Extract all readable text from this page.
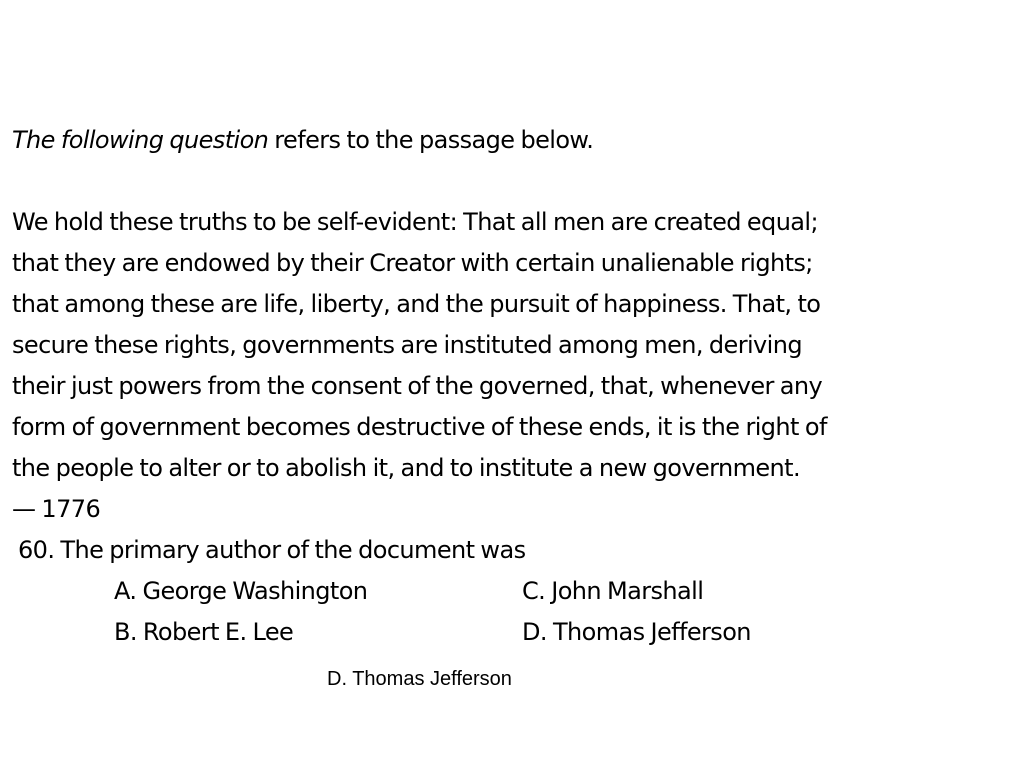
The following question refers to the passage below.
We hold these truths to be self-evident: That all men are created equal;
that they are endowed by their Creator with certain unalienable rights;
that among these are life, liberty, and the pursuit of happiness. That, to
secure these rights, governments are instituted among men, deriving
their just powers from the consent of the governed, that, whenever any
form of government becomes destructive of these ends, it is the right of
the people to alter or to abolish it, and to institute a new government.
— 1776
60. The primary author of the document was
A. George Washington	C. John Marshall
B. Robert E. Lee	D. Thomas Jefferson
D. Thomas Jefferson
